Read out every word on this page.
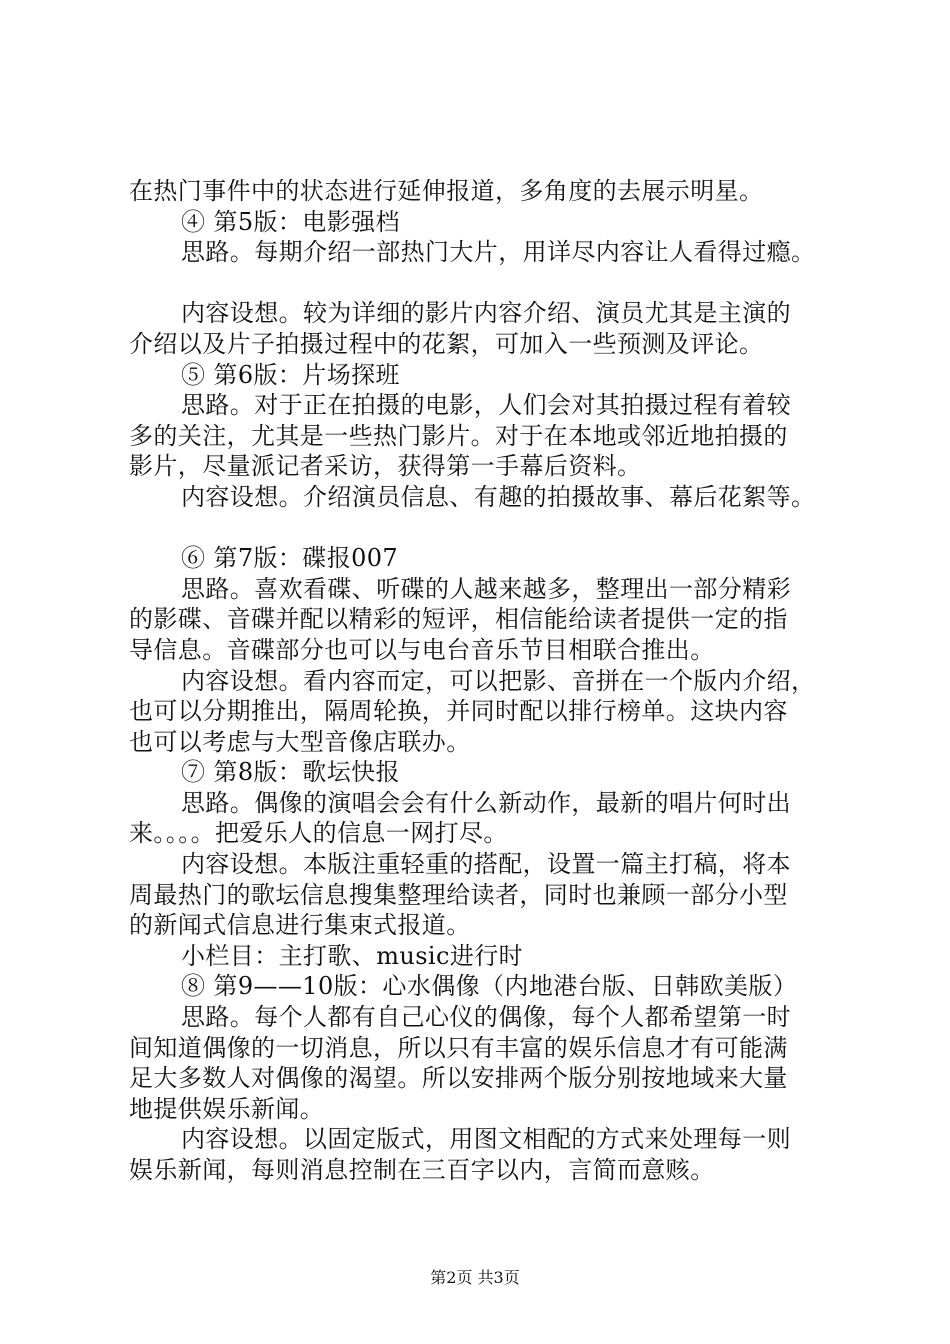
在热门事件中的状态进行延伸报道，多角度的去展示明星。
④ 第5版：电影强档
思路。每期介绍一部热门大片，用详尽内容让人看得过瘾。
内容设想。较为详细的影片内容介绍、演员尤其是主演的
介绍以及片子拍摄过程中的花絮，可加入一些预测及评论。
⑤ 第6版：片场探班
思路。对于正在拍摄的电影，人们会对其拍摄过程有着较
多的关注，尤其是一些热门影片。对于在本地或邻近地拍摄的
影片，尽量派记者采访，获得第一手幕后资料。
内容设想。介绍演员信息、有趣的拍摄故事、幕后花絮等。
⑥ 第7版：碟报007
思路。喜欢看碟、听碟的人越来越多，整理出一部分精彩
的影碟、音碟并配以精彩的短评，相信能给读者提供一定的指
导信息。音碟部分也可以与电台音乐节目相联合推出。
内容设想。看内容而定，可以把影、音拼在一个版内介绍，
也可以分期推出，隔周轮换，并同时配以排行榜单。这块内容
也可以考虑与大型音像店联办。
⑦ 第8版：歌坛快报
思路。偶像的演唱会会有什么新动作，最新的唱片何时出
来。。。。把爱乐人的信息一网打尽。
内容设想。本版注重轻重的搭配，设置一篇主打稿，将本
周最热门的歌坛信息搜集整理给读者，同时也兼顾一部分小型
的新闻式信息进行集束式报道。
小栏目：主打歌、music进行时
⑧ 第9——10版：心水偶像（内地港台版、日韩欧美版）
思路。每个人都有自己心仪的偶像，每个人都希望第一时
间知道偶像的一切消息，所以只有丰富的娱乐信息才有可能满
足大多数人对偶像的渴望。所以安排两个版分别按地域来大量
地提供娱乐新闻。
内容设想。以固定版式，用图文相配的方式来处理每一则
娱乐新闻，每则消息控制在三百字以内，言简而意赅。
第2页 共3页
